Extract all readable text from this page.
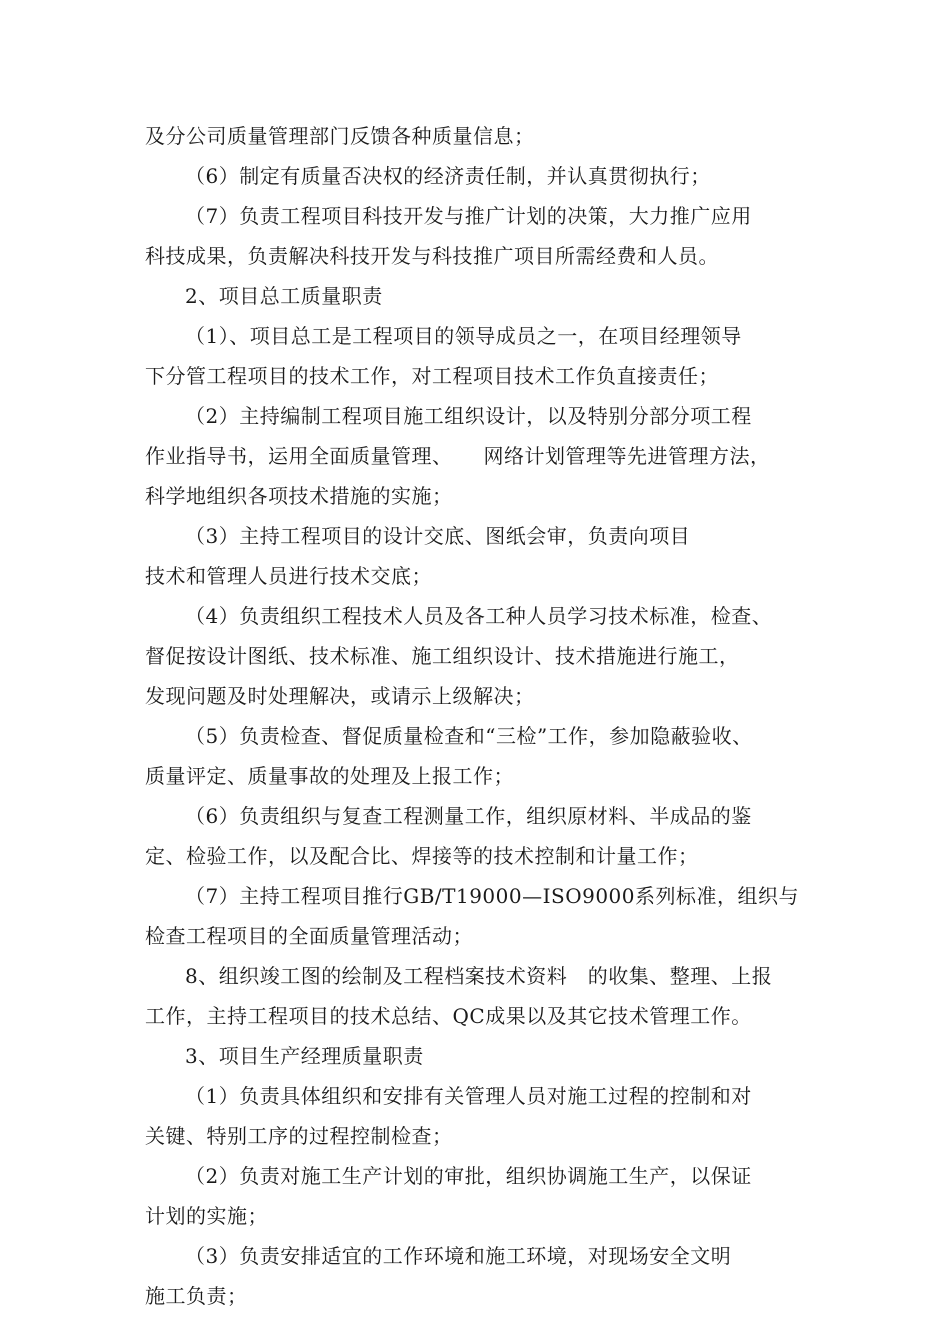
及分公司质量管理部门反馈各种质量信息；
（6）制定有质量否决权的经济责任制，并认真贯彻执行；
（7）负责工程项目科技开发与推广计划的决策，大力推广应用
科技成果，负责解决科技开发与科技推广项目所需经费和人员。
2、项目总工质量职责
（1）、项目总工是工程项目的领导成员之一，在项目经理领导
下分管工程项目的技术工作，对工程项目技术工作负直接责任；
（2）主持编制工程项目施工组织设计，以及特别分部分项工程
作业指导书，运用全面质量管理、　　网络计划管理等先进管理方法，
科学地组织各项技术措施的实施；
（3）主持工程项目的设计交底、图纸会审，负责向项目
技术和管理人员进行技术交底；
（4）负责组织工程技术人员及各工种人员学习技术标准，检查、
督促按设计图纸、技术标准、施工组织设计、技术措施进行施工，
发现问题及时处理解决，或请示上级解决；
（5）负责检查、督促质量检查和“三检”工作，参加隐蔽验收、
质量评定、质量事故的处理及上报工作；
（6）负责组织与复查工程测量工作，组织原材料、半成品的鉴
定、检验工作，以及配合比、焊接等的技术控制和计量工作；
（7）主持工程项目推行GB/T19000—ISO9000系列标准，组织与
检查工程项目的全面质量管理活动；
8、组织竣工图的绘制及工程档案技术资料　的收集、整理、上报
工作，主持工程项目的技术总结、QC成果以及其它技术管理工作。
3、项目生产经理质量职责
（1）负责具体组织和安排有关管理人员对施工过程的控制和对
关键、特别工序的过程控制检查；
（2）负责对施工生产计划的审批，组织协调施工生产，以保证
计划的实施；
（3）负责安排适宜的工作环境和施工环境，对现场安全文明
施工负责；
